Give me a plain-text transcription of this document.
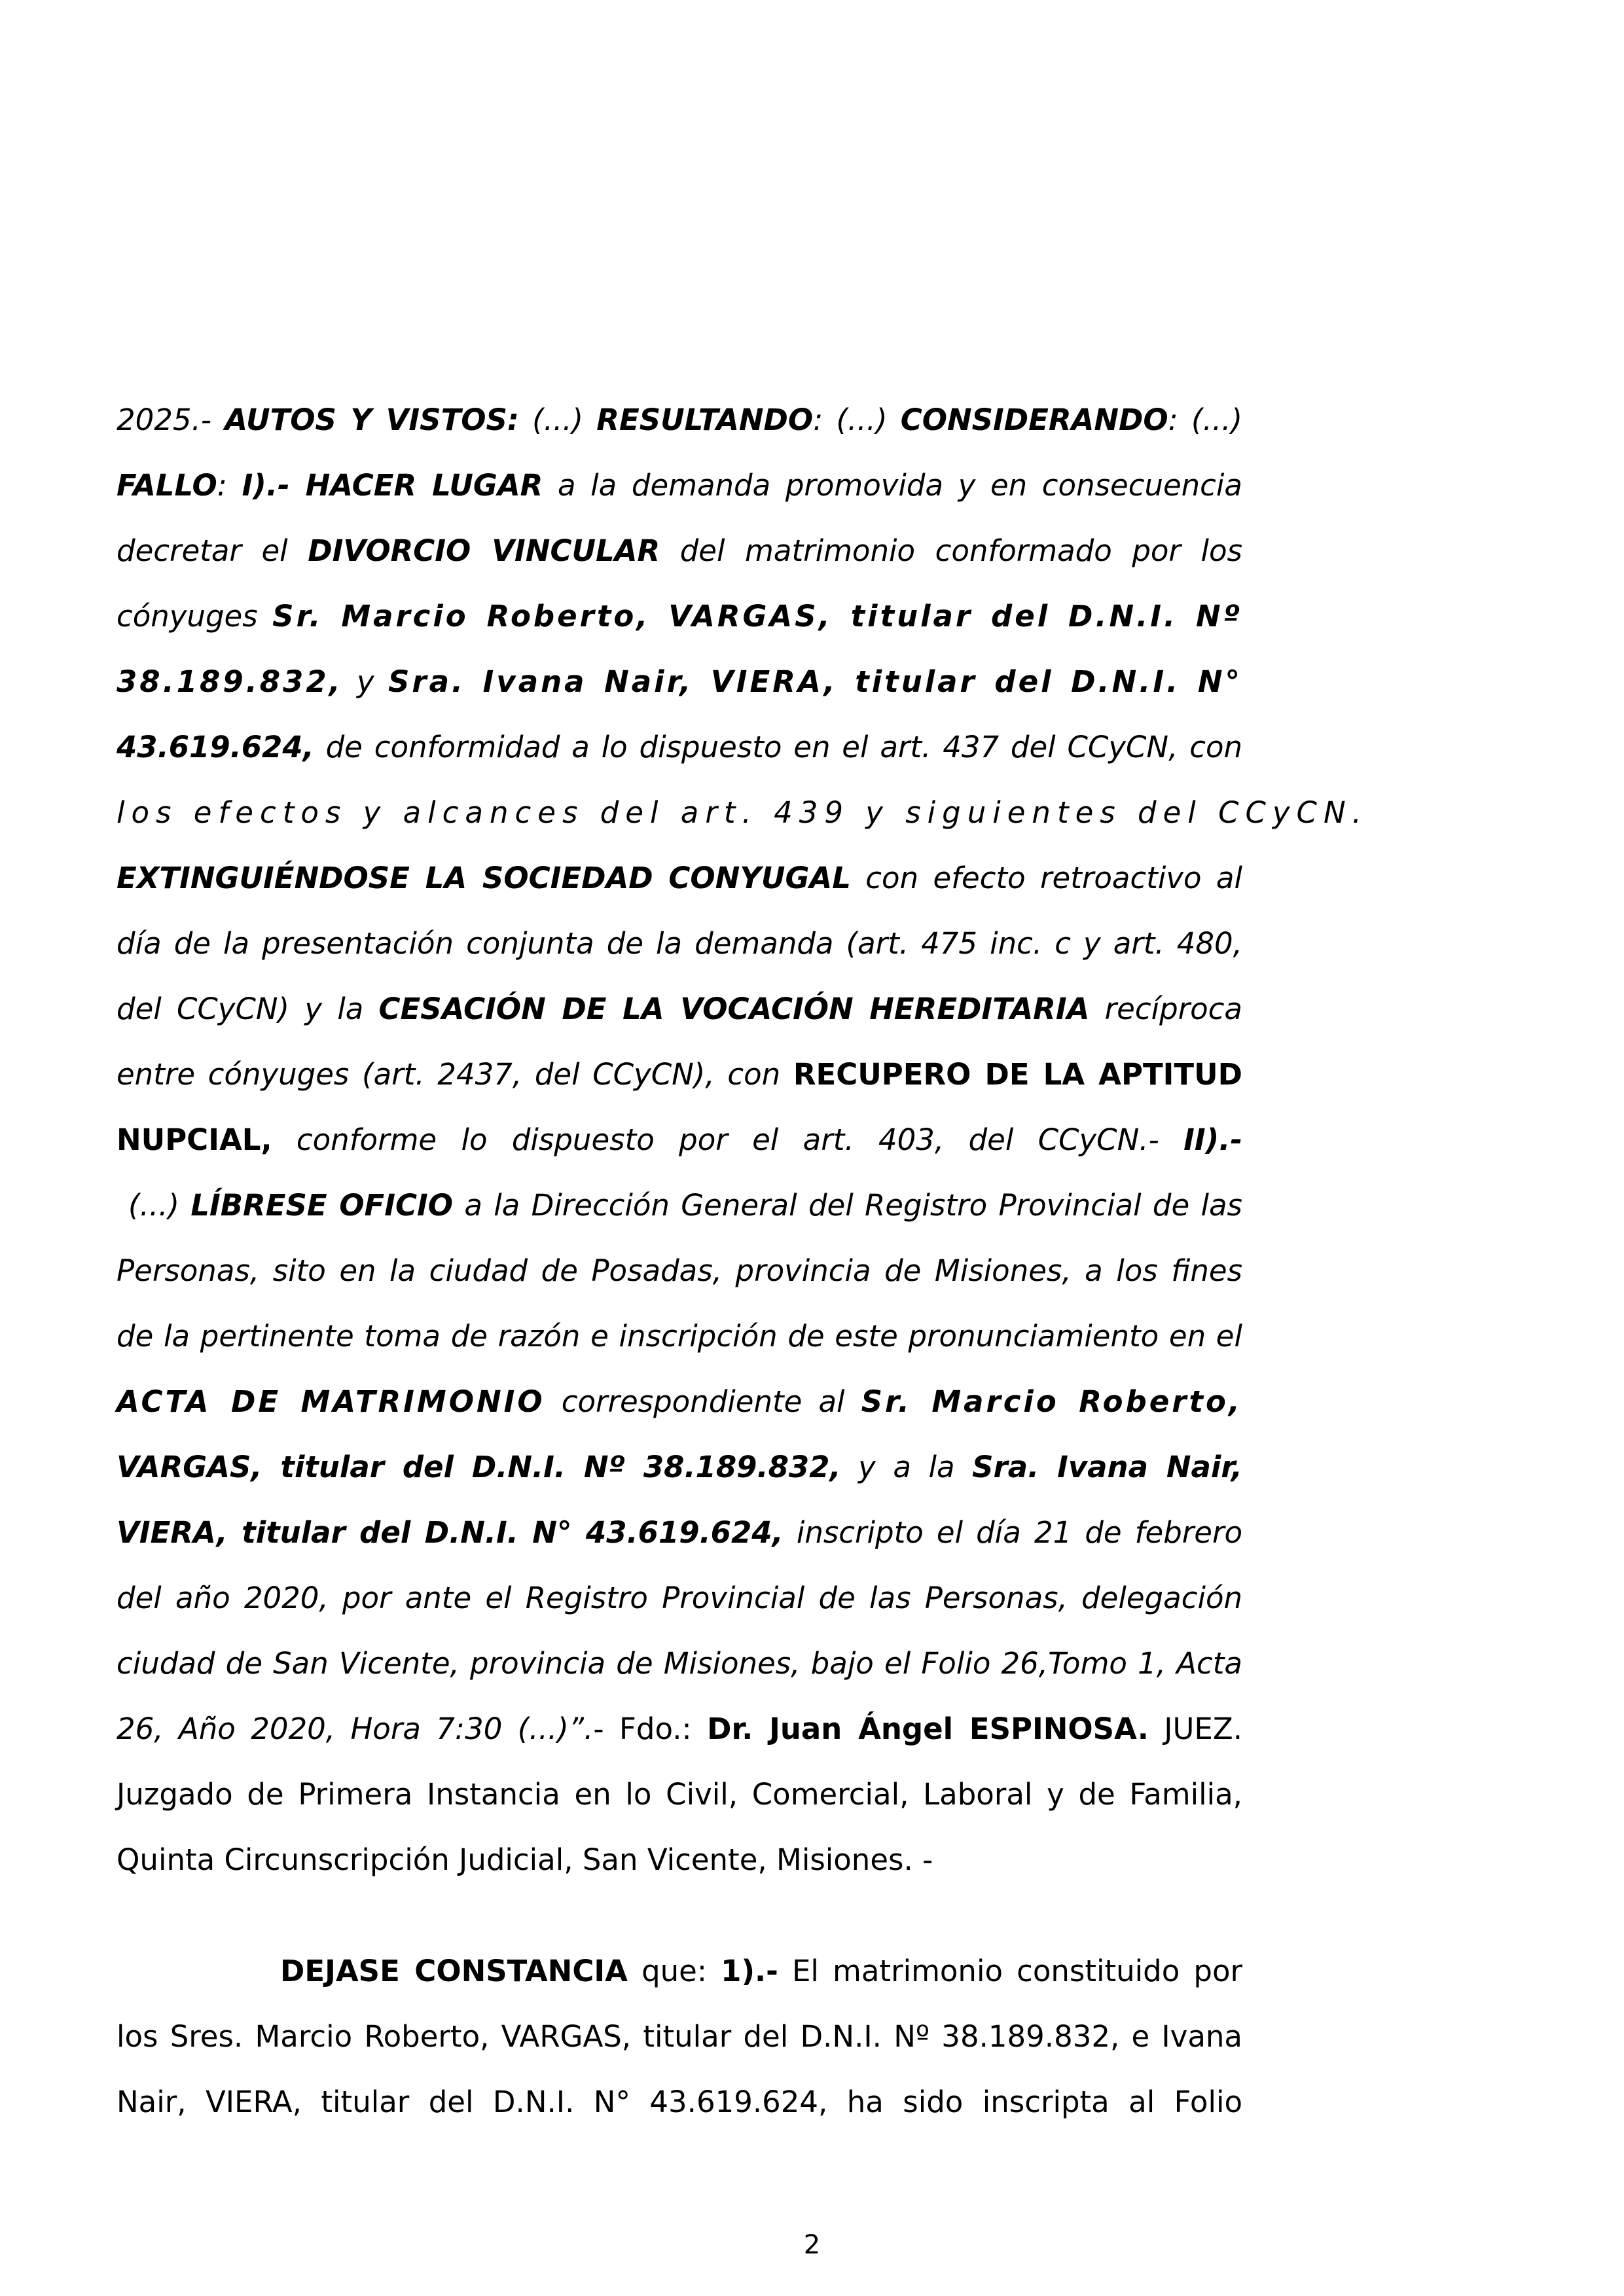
2025.- AUTOS Y VISTOS: (...) RESULTANDO: (...) CONSIDERANDO: (...)
FALLO: I).- HACER LUGAR a la demanda promovida y en consecuencia
decretar el DIVORCIO VINCULAR del matrimonio conformado por los
cónyuges Sr. Marcio Roberto, VARGAS, titular del D.N.I. Nº
38.189.832, y Sra. Ivana Nair, VIERA, titular del D.N.I. N°
43.619.624, de conformidad a lo dispuesto en el art. 437 del CCyCN, con
los efectos y alcances del art. 439 y siguientes del CCyCN.
EXTINGUIÉNDOSE LA SOCIEDAD CONYUGAL con efecto retroactivo al
día de la presentación conjunta de la demanda (art. 475 inc. c y art. 480,
del CCyCN) y la CESACIÓN DE LA VOCACIÓN HEREDITARIA recíproca
entre cónyuges (art. 2437, del CCyCN), con RECUPERO DE LA APTITUD
NUPCIAL, conforme lo dispuesto por el art. 403, del CCyCN.- II).-
(...) LÍBRESE OFICIO a la Dirección General del Registro Provincial de las
Personas, sito en la ciudad de Posadas, provincia de Misiones, a los fines
de la pertinente toma de razón e inscripción de este pronunciamiento en el
ACTA DE MATRIMONIO correspondiente al Sr. Marcio Roberto,
VARGAS, titular del D.N.I. Nº 38.189.832, y a la Sra. Ivana Nair,
VIERA, titular del D.N.I. N° 43.619.624, inscripto el día 21 de febrero
del año 2020, por ante el Registro Provincial de las Personas, delegación
ciudad de San Vicente, provincia de Misiones, bajo el Folio 26,Tomo 1, Acta
26, Año 2020, Hora 7:30 (...)”.- Fdo.: Dr. Juan Ángel ESPINOSA. JUEZ.
Juzgado de Primera Instancia en lo Civil, Comercial, Laboral y de Familia,
Quinta Circunscripción Judicial, San Vicente, Misiones. -
DEJASE CONSTANCIA que: 1).- El matrimonio constituido por
los Sres. Marcio Roberto, VARGAS, titular del D.N.I. Nº 38.189.832, e Ivana
Nair, VIERA, titular del D.N.I. N° 43.619.624, ha sido inscripta al Folio
2
